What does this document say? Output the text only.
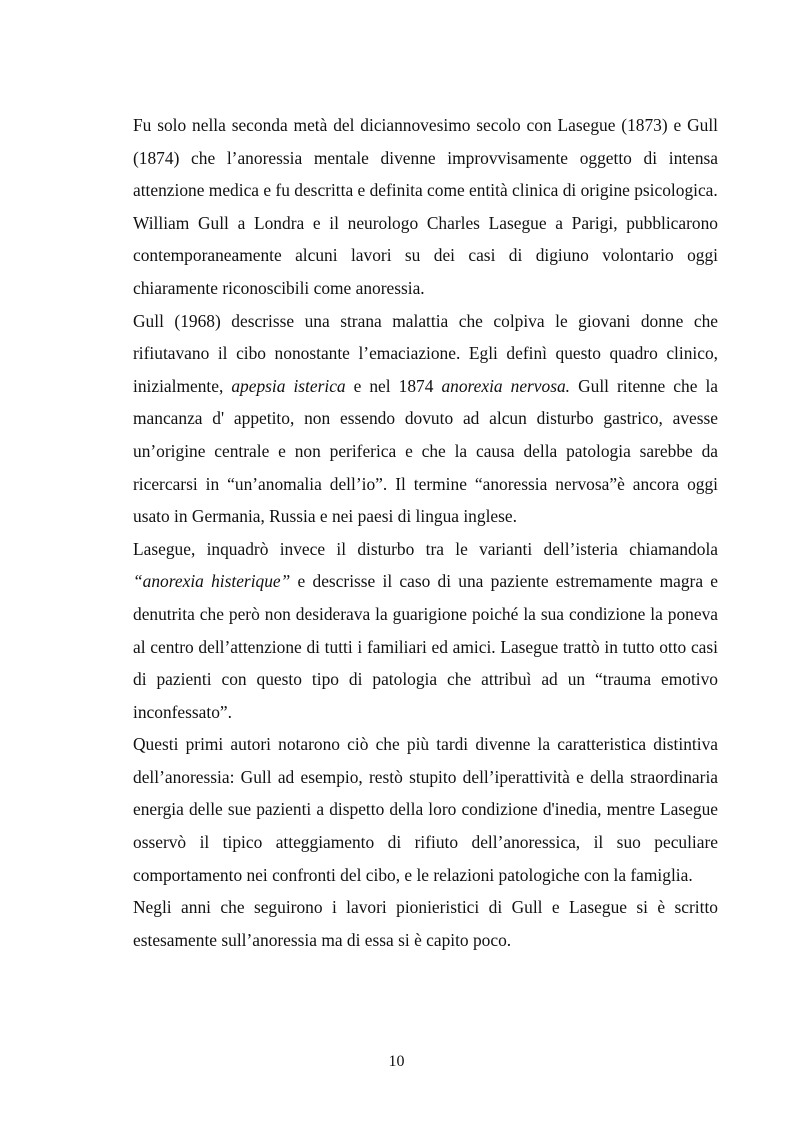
Fu solo nella seconda metà del diciannovesimo secolo con Lasegue (1873) e Gull (1874) che l’anoressia mentale divenne improvvisamente oggetto di intensa attenzione medica e fu descritta e definita come entità clinica di origine psicologica.

William Gull a Londra e il neurologo Charles Lasegue a Parigi, pubblicarono contemporaneamente alcuni lavori su dei casi di digiuno volontario oggi chiaramente riconoscibili come anoressia.

Gull (1968) descrisse una strana malattia che colpiva le giovani donne che rifiutavano il cibo nonostante l’emaciazione. Egli definì questo quadro clinico, inizialmente, apepsia isterica e nel 1874 anorexia nervosa. Gull ritenne che la mancanza d' appetito, non essendo dovuto ad alcun disturbo gastrico, avesse un’origine centrale e non periferica e che la causa della patologia sarebbe da ricercarsi in “un’anomalia dell’io”. Il termine “anoressia nervosa”è ancora oggi usato in Germania, Russia e nei paesi di lingua inglese.

Lasegue, inquadrò invece il disturbo tra le varianti dell’isteria chiamandola “anorexia histerique” e descrisse il caso di una paziente estremamente magra e denutrita che però non desiderava la guarigione poiché la sua condizione la poneva al centro dell’attenzione di tutti i familiari ed amici. Lasegue trattò in tutto otto casi di pazienti con questo tipo di patologia che attribuì ad un “trauma emotivo inconfessato”.

Questi primi autori notarono ciò che più tardi divenne la caratteristica distintiva dell’anoressia: Gull ad esempio, restò stupito dell’iperattività e della straordinaria energia delle sue pazienti a dispetto della loro condizione d'inedia, mentre Lasegue osservò il tipico atteggiamento di rifiuto dell’anoressica, il suo peculiare comportamento nei confronti del cibo, e le relazioni patologiche con la famiglia.

Negli anni che seguirono i lavori pionieristici di Gull e Lasegue si è scritto estesamente sull’anoressia ma di essa si è capito poco.

10
